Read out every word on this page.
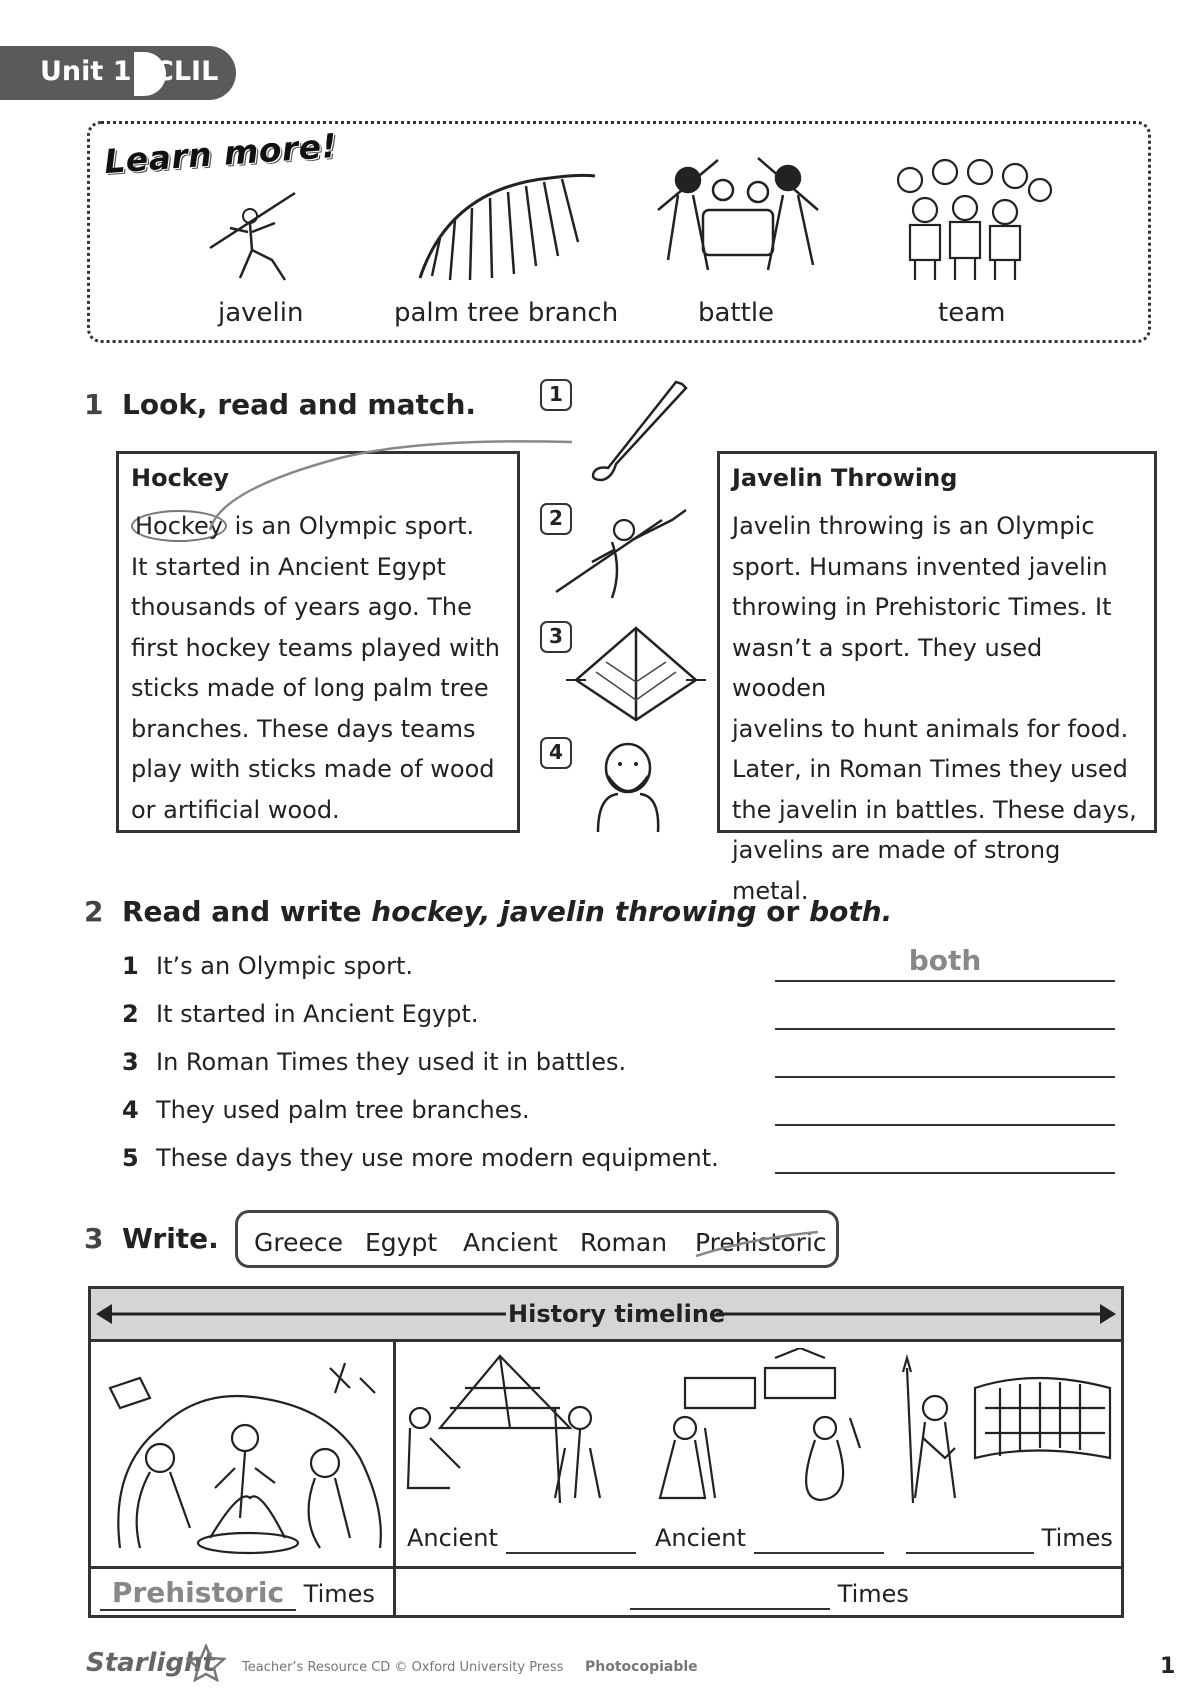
Unit 1 CLIL
Learn more!
javelin	palm tree branch	battle	team
1 Look, read and match.
Hockey
Hockey is an Olympic sport.
It started in Ancient Egypt
thousands of years ago. The
first hockey teams played with
sticks made of long palm tree
branches. These days teams
play with sticks made of wood
or artificial wood.
Javelin Throwing
Javelin throwing is an Olympic
sport. Humans invented javelin
throwing in Prehistoric Times. It
wasn’t a sport. They used wooden
javelins to hunt animals for food.
Later, in Roman Times they used
the javelin in battles. These days,
javelins are made of strong metal.
1
2
3
4
2 Read and write hockey, javelin throwing or both.
1 It’s an Olympic sport.	both
2 It started in Ancient Egypt.
3 In Roman Times they used it in battles.
4 They used palm tree branches.
5 These days they use more modern equipment.
3 Write. Greece Egypt Ancient Roman Prehistoric
History timeline
Ancient	Ancient	Times
Prehistoric Times	Times
Starlight Teacher’s Resource CD © Oxford University Press Photocopiable	1
